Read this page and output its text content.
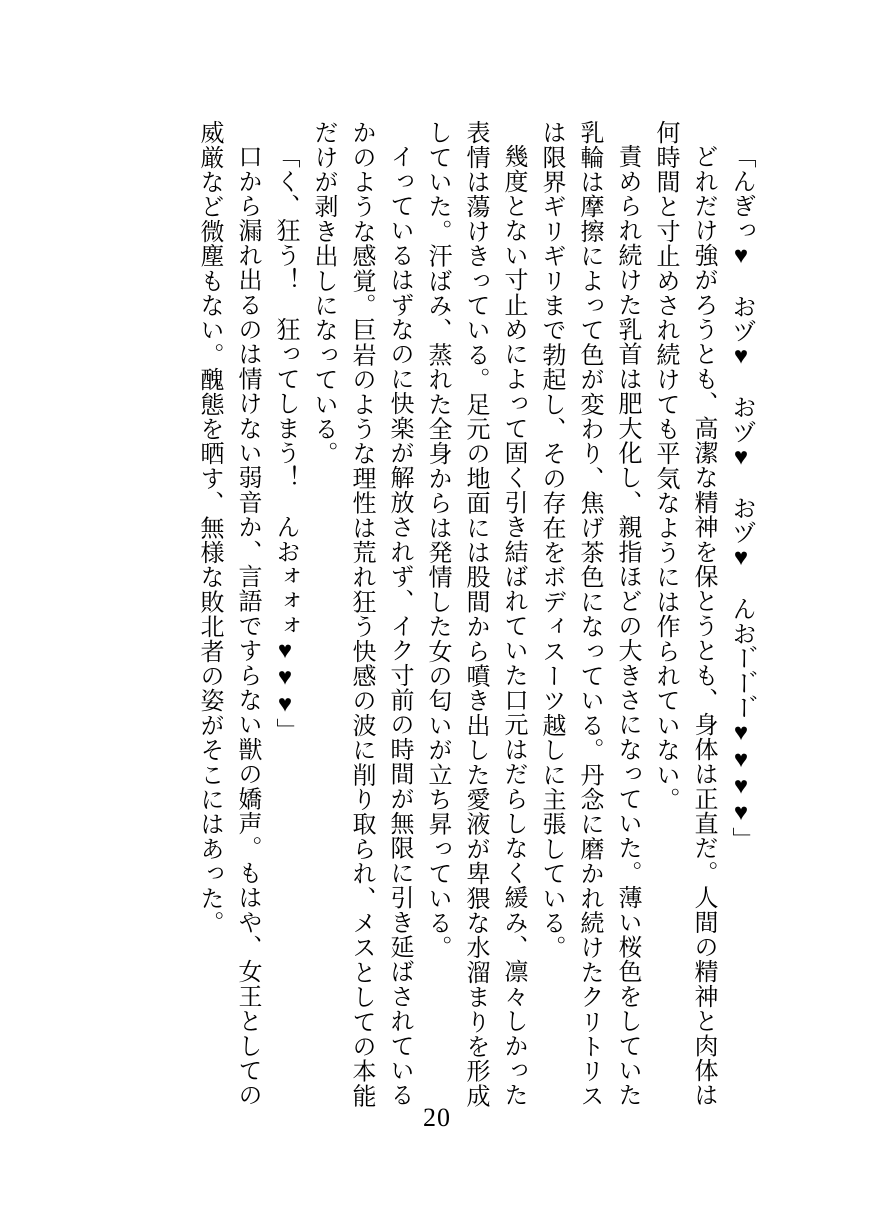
「んぎっ♥　おヅ♥　おヅ♥　おヅ♥　んおー゙ー゙ー゙♥♥♥♥」

どれだけ強がろうとも、高潔な精神を保とうとも、身体は正直だ。人間の精神と肉体は何時間と寸止めされ続けても平気なようには作られていない。

責められ続けた乳首は肥大化し、親指ほどの大きさになっていた。薄い桜色をしていた乳輪は摩擦によって色が変わり、焦げ茶色になっている。丹念に磨かれ続けたクリトリスは限界ギリギリまで勃起し、その存在をボディスーツ越しに主張している。

幾度とない寸止めによって固く引き結ばれていた口元はだらしなく緩み、凛々しかった表情は蕩けきっている。足元の地面には股間から噴き出した愛液が卑猥な水溜まりを形成していた。汗ばみ、蒸れた全身からは発情した女の匂いが立ち昇っている。

イっているはずなのに快楽が解放されず、イク寸前の時間が無限に引き延ばされているかのような感覚。巨岩のような理性は荒れ狂う快感の波に削り取られ、メスとしての本能だけが剥き出しになっている。

「く、狂う！　狂ってしまう！　んおォォォ♥♥♥」

口から漏れ出るのは情けない弱音か、言語ですらない獣の嬌声。もはや、女王としての威厳など微塵もない。醜態を晒す、無様な敗北者の姿がそこにはあった。

20
